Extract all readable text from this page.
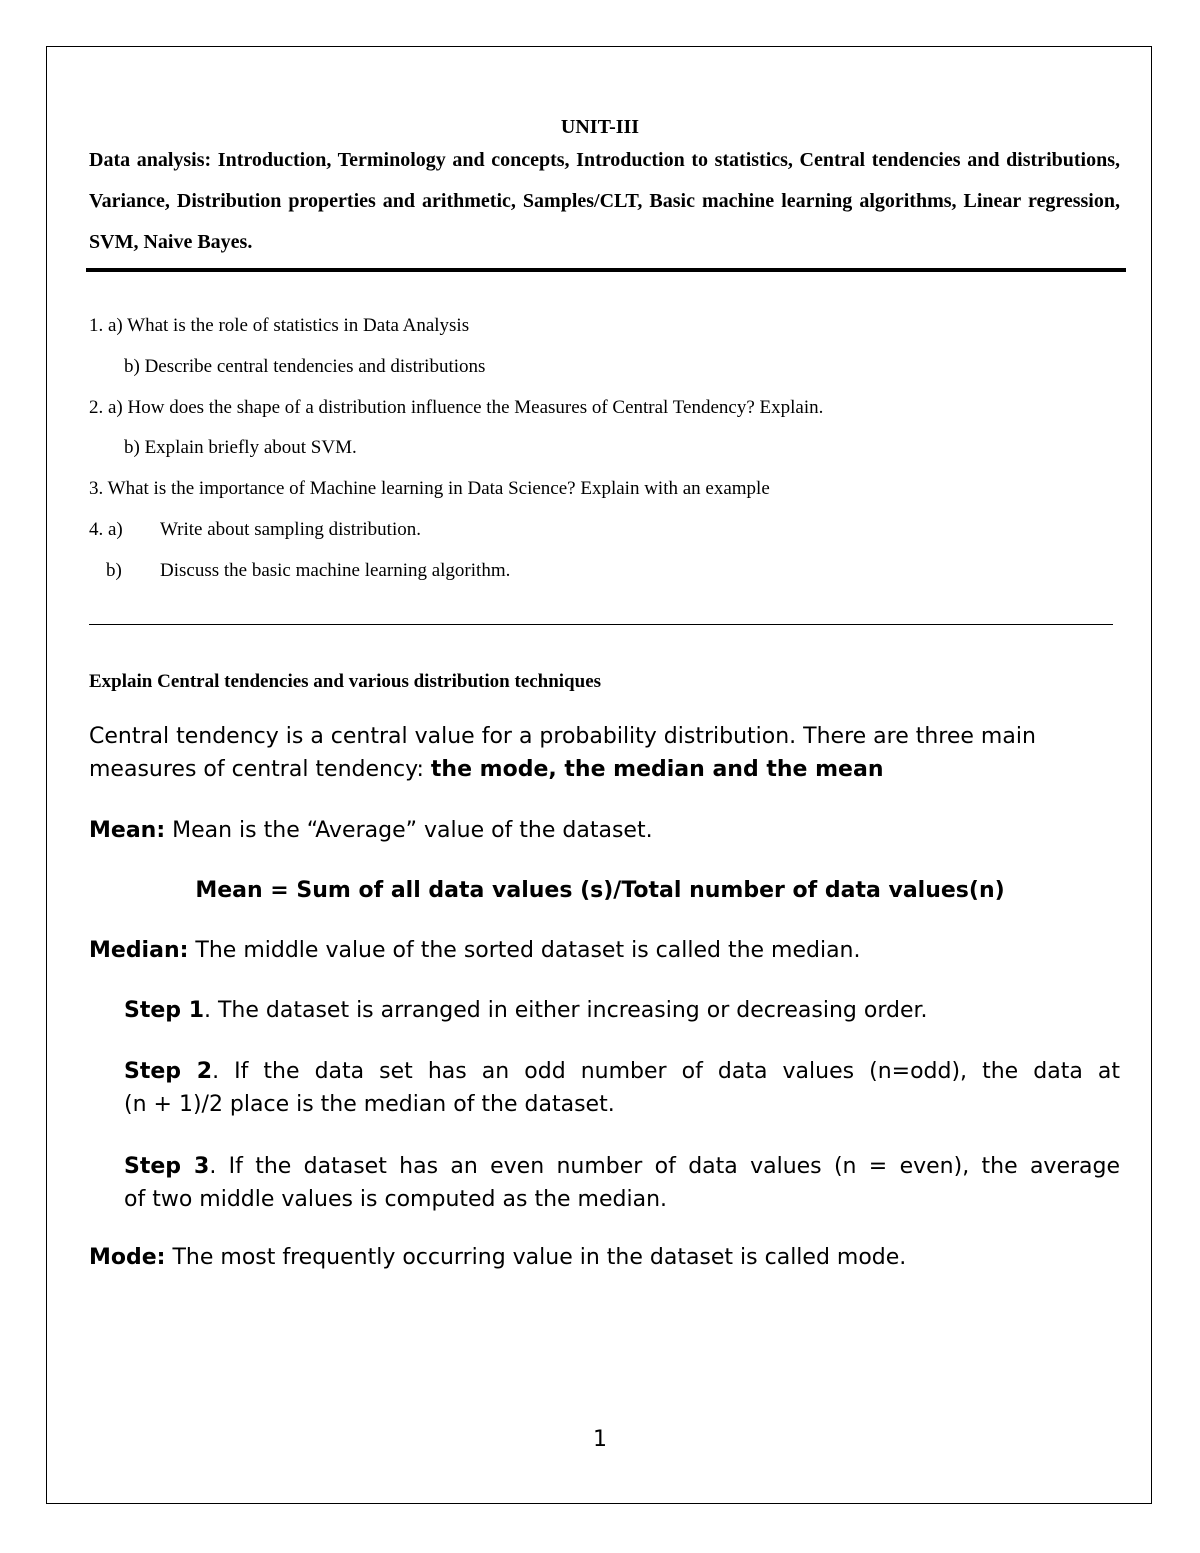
UNIT-III
Data analysis: Introduction, Terminology and concepts, Introduction to statistics, Central tendencies and distributions, Variance, Distribution properties and arithmetic, Samples/CLT, Basic machine learning algorithms, Linear regression, SVM, Naive Bayes.
1. a) What is the role of statistics in Data Analysis
b) Describe central tendencies and distributions
2. a) How does the shape of a distribution influence the Measures of Central Tendency? Explain.
b) Explain briefly about SVM.
3. What is the importance of Machine learning in Data Science? Explain with an example
4. a) Write about sampling distribution.
b) Discuss the basic machine learning algorithm.
Explain Central tendencies and various distribution techniques
Central tendency is a central value for a probability distribution. There are three main
measures of central tendency: the mode, the median and the mean
Mean: Mean is the “Average” value of the dataset.
Mean = Sum of all data values (s)/Total number of data values(n)
Median: The middle value of the sorted dataset is called the median.
Step 1. The dataset is arranged in either increasing or decreasing order.
Step 2. If the data set has an odd number of data values (n=odd), the data at
(n + 1)/2 place is the median of the dataset.
Step 3. If the dataset has an even number of data values (n = even), the average
of two middle values is computed as the median.
Mode: The most frequently occurring value in the dataset is called mode.
1
